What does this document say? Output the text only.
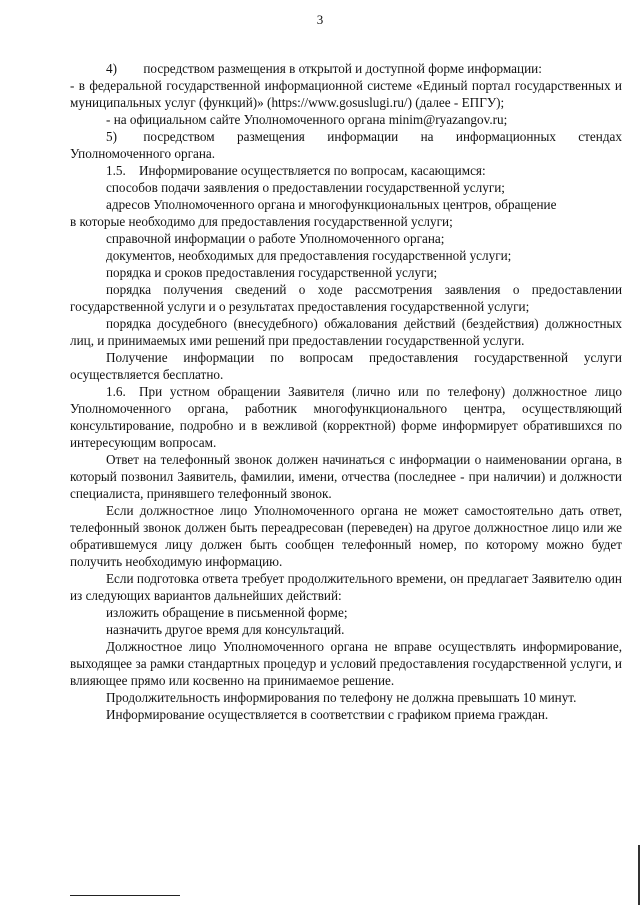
3

4)  посредством размещения в открытой и доступной форме информации:

- в федеральной государственной информационной системе «Единый портал государственных и муниципальных услуг (функций)» (https://www.gosuslugi.ru/) (далее - ЕПГУ);

- на официальном сайте Уполномоченного органа minim@ryazangov.ru;

5)  посредством размещения информации на информационных стендах Уполномоченного органа.

1.5. Информирование осуществляется по вопросам, касающимся:

способов подачи заявления о предоставлении государственной услуги;

адресов Уполномоченного органа и многофункциональных центров, обращение

в которые необходимо для предоставления государственной услуги;

справочной информации о работе Уполномоченного органа;

документов, необходимых для предоставления государственной услуги;

порядка и сроков предоставления государственной услуги;

порядка получения сведений о ходе рассмотрения заявления о предоставлении государственной услуги и о результатах предоставления государственной услуги;

порядка досудебного (внесудебного) обжалования действий (бездействия) должностных лиц, и принимаемых ими решений при предоставлении государственной услуги.

Получение информации по вопросам предоставления государственной услуги осуществляется бесплатно.

1.6. При устном обращении Заявителя (лично или по телефону) должностное лицо Уполномоченного органа, работник многофункционального центра, осуществляющий консультирование, подробно и в вежливой (корректной) форме информирует обратившихся по интересующим вопросам.

Ответ на телефонный звонок должен начинаться с информации о наименовании органа, в который позвонил Заявитель, фамилии, имени, отчества (последнее - при наличии) и должности специалиста, принявшего телефонный звонок.

Если должностное лицо Уполномоченного органа не может самостоятельно дать ответ, телефонный звонок должен быть переадресован (переведен) на другое должностное лицо или же обратившемуся лицу должен быть сообщен телефонный номер, по которому можно будет получить необходимую информацию.

Если подготовка ответа требует продолжительного времени, он предлагает Заявителю один из следующих вариантов дальнейших действий:

изложить обращение в письменной форме;

назначить другое время для консультаций.

Должностное лицо Уполномоченного органа не вправе осуществлять информирование, выходящее за рамки стандартных процедур и условий предоставления государственной услуги, и влияющее прямо или косвенно на принимаемое решение.

Продолжительность информирования по телефону не должна превышать 10 минут.

Информирование осуществляется в соответствии с графиком приема граждан.
